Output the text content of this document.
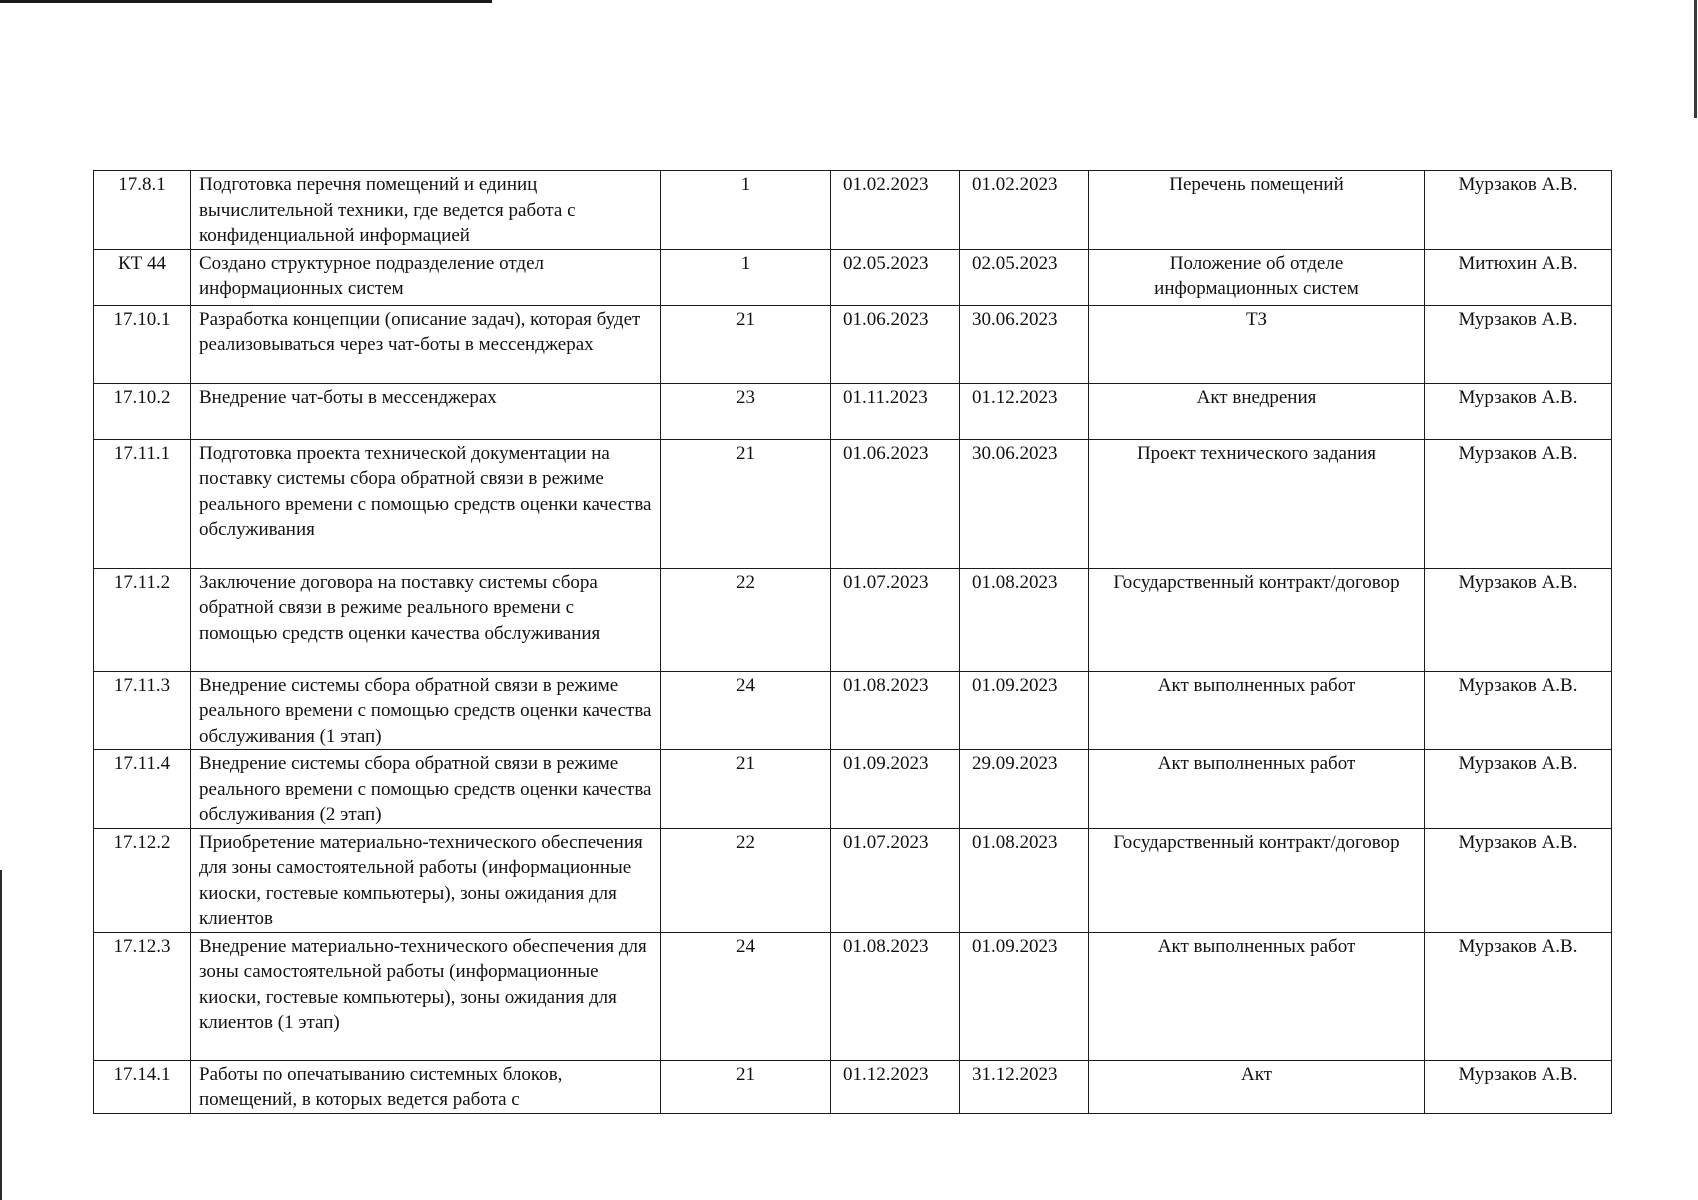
17.8.1	Подготовка перечня помещений и единиц вычислительной техники, где ведется работа с конфиденциальной информацией	1	01.02.2023	01.02.2023	Перечень помещений	Мурзаков А.В.
КТ 44	Создано структурное подразделение отдел информационных систем	1	02.05.2023	02.05.2023	Положение об отделе информационных систем	Митюхин А.В.
17.10.1	Разработка концепции (описание задач), которая будет реализовываться через чат-боты в мессенджерах	21	01.06.2023	30.06.2023	ТЗ	Мурзаков А.В.
17.10.2	Внедрение чат-боты в мессенджерах	23	01.11.2023	01.12.2023	Акт внедрения	Мурзаков А.В.
17.11.1	Подготовка проекта технической документации на поставку системы сбора обратной связи в режиме реального времени с помощью средств оценки качества обслуживания	21	01.06.2023	30.06.2023	Проект технического задания	Мурзаков А.В.
17.11.2	Заключение договора на поставку системы сбора обратной связи в режиме реального времени с помощью средств оценки качества обслуживания	22	01.07.2023	01.08.2023	Государственный контракт/договор	Мурзаков А.В.
17.11.3	Внедрение системы сбора обратной связи в режиме реального времени с помощью средств оценки качества обслуживания (1 этап)	24	01.08.2023	01.09.2023	Акт выполненных работ	Мурзаков А.В.
17.11.4	Внедрение системы сбора обратной связи в режиме реального времени с помощью средств оценки качества обслуживания (2 этап)	21	01.09.2023	29.09.2023	Акт выполненных работ	Мурзаков А.В.
17.12.2	Приобретение материально-технического обеспечения для зоны самостоятельной работы (информационные киоски, гостевые компьютеры), зоны ожидания для клиентов	22	01.07.2023	01.08.2023	Государственный контракт/договор	Мурзаков А.В.
17.12.3	Внедрение материально-технического обеспечения для зоны самостоятельной работы (информационные киоски, гостевые компьютеры), зоны ожидания для клиентов (1 этап)	24	01.08.2023	01.09.2023	Акт выполненных работ	Мурзаков А.В.
17.14.1	Работы по опечатыванию системных блоков, помещений, в которых ведется работа с	21	01.12.2023	31.12.2023	Акт	Мурзаков А.В.
